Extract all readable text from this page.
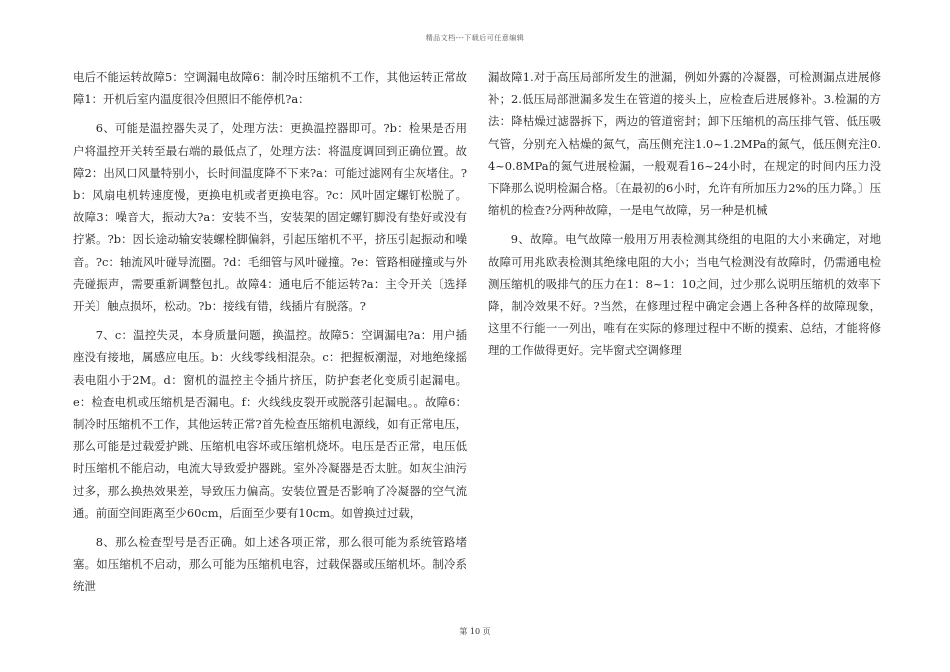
精品文档---下载后可任意编辑

电后不能运转故障5：空调漏电故障6：制冷时压缩机不工作，其他运转正常故障1：开机后室内温度很冷但照旧不能停机?a：

6、可能是温控器失灵了，处理方法：更换温控器即可。?b：检果是否用户将温控开关转至最右端的最低点了，处理方法：将温度调回到正确位置。故障2：出风口风量特别小，长时间温度降不下来?a：可能过滤网有尘灰堵住。?b：风扇电机转速度慢，更换电机或者更换电容。?c：风叶固定螺钉松脱了。故障3：噪音大，振动大?a：安装不当，安装架的固定螺钉脚没有垫好或没有拧紧。?b：因长途动输安装螺栓脚偏斜，引起压缩机不平，挤压引起振动和噪音。?c：轴流风叶碰导流圈。?d：毛细管与风叶碰撞。?e：管路相碰撞或与外壳碰振声，需要重新调整包扎。故障4：通电后不能运转?a：主令开关〔选择开关〕触点损坏，松动。?b：接线有错，线插片有脱落。?

7、c：温控失灵，本身质量问题，换温控。故障5：空调漏电?a：用户插座没有接地，属感应电压。b：火线零线相混杂。c：把握板潮湿，对地绝缘摇表电阻小于2M。d：窗机的温控主令插片挤压，防护套老化变质引起漏电。e：检查电机或压缩机是否漏电。f：火线线皮裂开或脱落引起漏电。。故障6：制冷时压缩机不工作，其他运转正常?首先检查压缩机电源线，如有正常电压，那么可能是过载爱护跳、压缩机电容坏或压缩机烧坏。电压是否正常，电压低时压缩机不能启动，电流大导致爱护器跳。室外冷凝器是否太脏。如灰尘油污过多，那么换热效果差，导致压力偏高。安装位置是否影响了冷凝器的空气流通。前面空间距离至少60cm，后面至少要有10cm。如曾换过过载，

8、那么检查型号是否正确。如上述各项正常，那么很可能为系统管路堵塞。如压缩机不启动，那么可能为压缩机电容，过载保器或压缩机坏。制冷系统泄

漏故障1.对于高压局部所发生的泄漏，例如外露的冷凝器，可检测漏点进展修补；2.低压局部泄漏多发生在管道的接头上，应检查后进展修补。3.检漏的方法：降枯燥过滤器拆下，两边的管道密封；卸下压缩机的高压排气管、低压吸气管，分别充入枯燥的氮气，高压侧充注1.0~1.2MPa的氮气，低压侧充注0.4~0.8MPa的氮气进展检漏，一般观看16~24小时，在规定的时间内压力没下降那么说明检漏合格。〔在最初的6小时，允许有所加压力2%的压力降。〕压缩机的检查?分两种故障，一是电气故障，另一种是机械

9、故障。电气故障一般用万用表检测其绕组的电阻的大小来确定，对地故障可用兆欧表检测其绝缘电阻的大小；当电气检测没有故障时，仍需通电检测压缩机的吸排气的压力在1：8~1：10之间，过少那么说明压缩机的效率下降，制冷效果不好。?当然，在修理过程中确定会遇上各种各样的故障现象，这里不行能一一列出，唯有在实际的修理过程中不断的摸索、总结，才能将修理的工作做得更好。完毕窗式空调修理

第 10 页
